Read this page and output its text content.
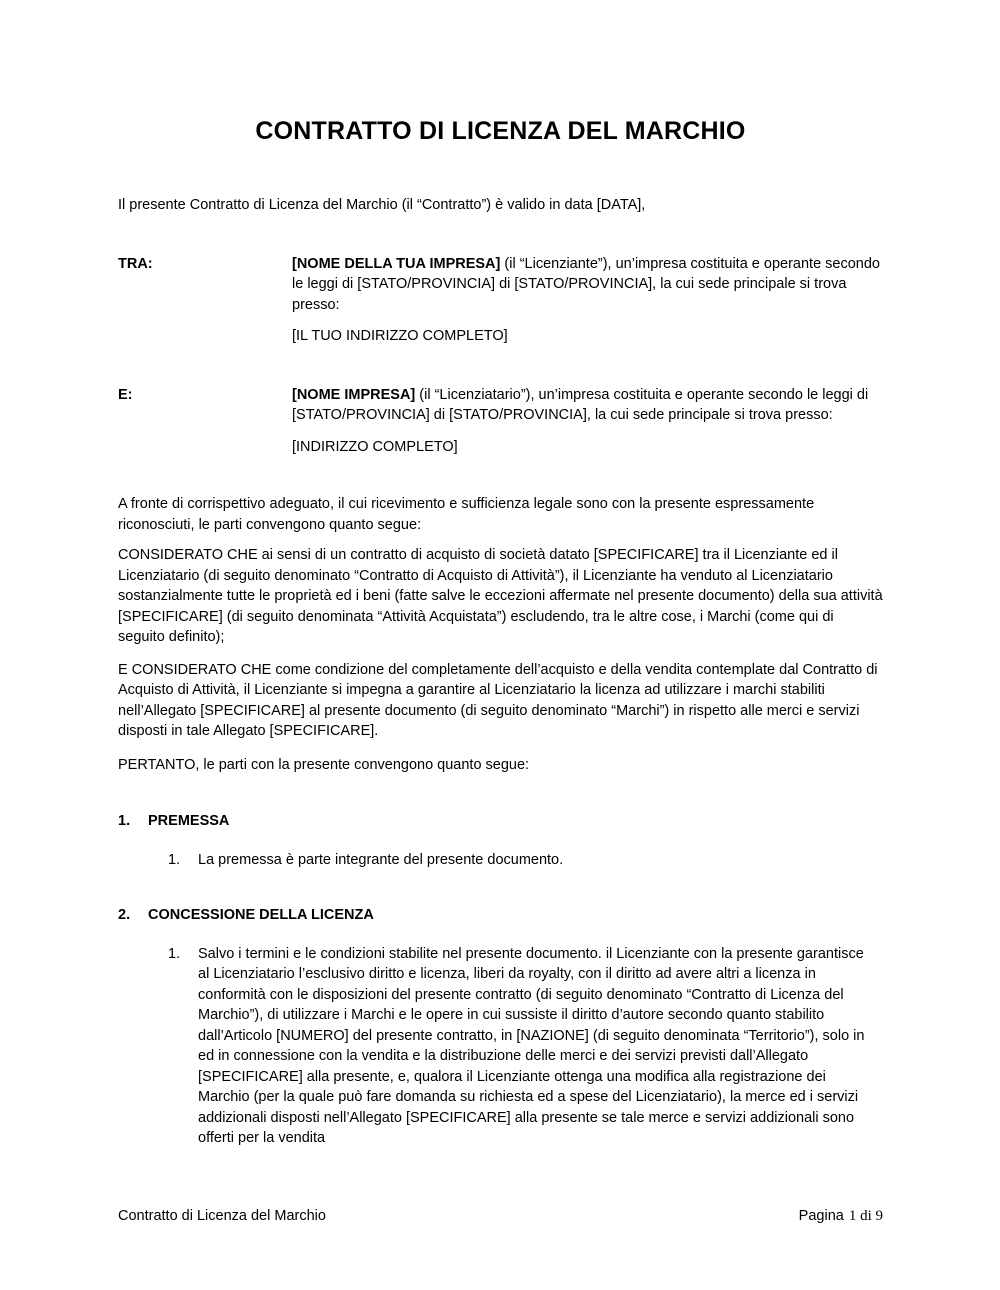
CONTRATTO DI LICENZA DEL MARCHIO

Il presente Contratto di Licenza del Marchio (il “Contratto”) è valido in data [DATA],

TRA:	[NOME DELLA TUA IMPRESA] (il “Licenziante”), un’impresa costituita e operante secondo le leggi di [STATO/PROVINCIA] di [STATO/PROVINCIA], la cui sede principale si trova presso:

[IL TUO INDIRIZZO COMPLETO]

E:	[NOME IMPRESA] (il “Licenziatario”), un’impresa costituita e operante secondo le leggi di [STATO/PROVINCIA] di [STATO/PROVINCIA], la cui sede principale si trova presso:

[INDIRIZZO COMPLETO]

A fronte di corrispettivo adeguato, il cui ricevimento e sufficienza legale sono con la presente espressamente riconosciuti, le parti convengono quanto segue:

CONSIDERATO CHE ai sensi di un contratto di acquisto di società datato [SPECIFICARE] tra il Licenziante ed il Licenziatario (di seguito denominato “Contratto di Acquisto di Attività”), il Licenziante ha venduto al Licenziatario sostanzialmente tutte le proprietà ed i beni (fatte salve le eccezioni affermate nel presente documento) della sua attività [SPECIFICARE] (di seguito denominata “Attività Acquistata”) escludendo, tra le altre cose, i Marchi (come qui di seguito definito);

E CONSIDERATO CHE come condizione del completamente dell’acquisto e della vendita contemplate dal Contratto di Acquisto di Attività, il Licenziante si impegna a garantire al Licenziatario la licenza ad utilizzare i marchi stabiliti nell’Allegato [SPECIFICARE] al presente documento (di seguito denominato “Marchi”) in rispetto alle merci e servizi disposti in tale Allegato [SPECIFICARE].

PERTANTO, le parti con la presente convengono quanto segue:

1.	PREMESSA
1.	La premessa è parte integrante del presente documento.
2.	CONCESSIONE DELLA LICENZA
1.	Salvo i termini e le condizioni stabilite nel presente documento. il Licenziante con la presente garantisce al Licenziatario l’esclusivo diritto e licenza, liberi da royalty, con il diritto ad avere altri a licenza in conformità con le disposizioni del presente contratto (di seguito denominato “Contratto di Licenza del Marchio”), di utilizzare i Marchi e le opere in cui sussiste il diritto d’autore secondo quanto stabilito dall’Articolo [NUMERO] del presente contratto, in [NAZIONE] (di seguito denominata “Territorio”), solo in ed in connessione con la vendita e la distribuzione delle merci e dei servizi previsti dall’Allegato [SPECIFICARE] alla presente, e, qualora il Licenziante ottenga una modifica alla registrazione dei Marchio (per la quale può fare domanda su richiesta ed a spese del Licenziatario), la merce ed i servizi addizionali disposti nell’Allegato [SPECIFICARE] alla presente se tale merce e servizi addizionali sono offerti per la vendita
Contratto di Licenza del Marchio	Pagina 1 di 9
